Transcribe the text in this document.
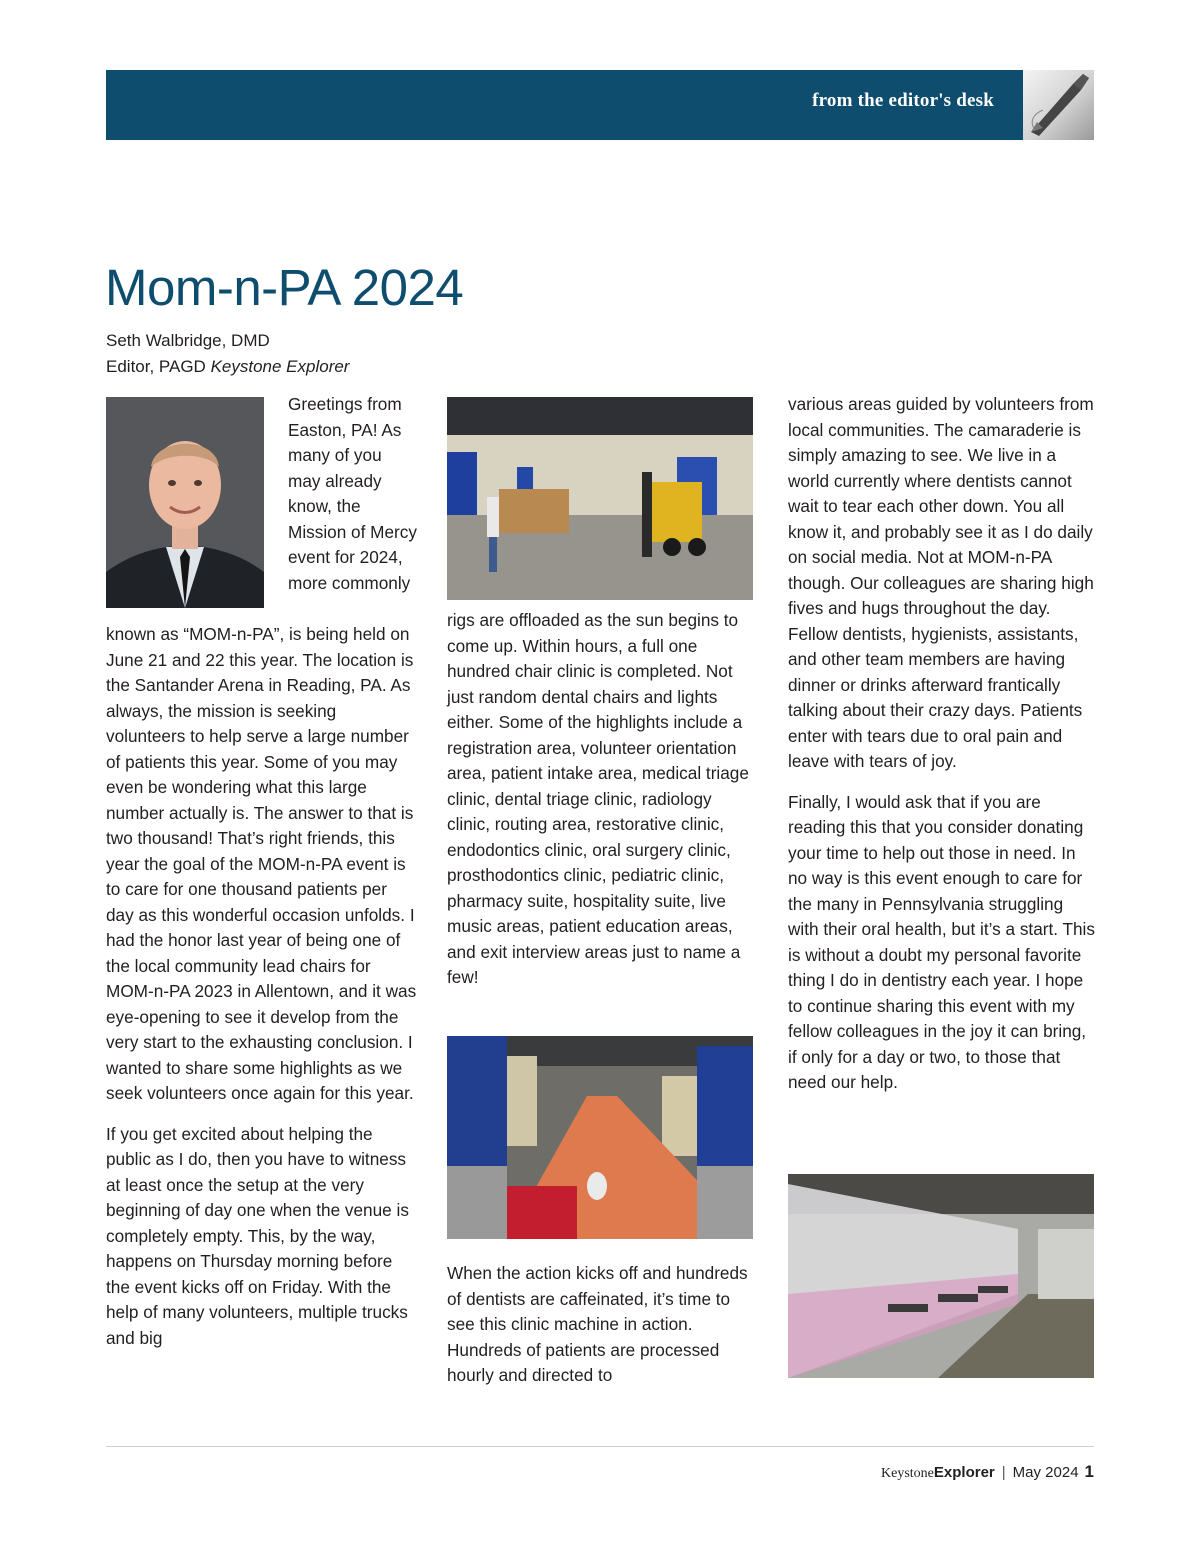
from the editor's desk
Mom-n-PA 2024
Seth Walbridge, DMD
Editor, PAGD Keystone Explorer

Greetings from Easton, PA! As many of you may already know, the Mission of Mercy event for 2024, more commonly

known as “MOM-n-PA”, is being held on June 21 and 22 this year. The location is the Santander Arena in Reading, PA. As always, the mission is seeking volunteers to help serve a large number of patients this year. Some of you may even be wondering what this large number actually is. The answer to that is two thousand! That’s right friends, this year the goal of the MOM-n-PA event is to care for one thousand patients per day as this wonderful occasion unfolds. I had the honor last year of being one of the local community lead chairs for MOM-n-PA 2023 in Allentown, and it was eye-opening to see it develop from the very start to the exhausting conclusion. I wanted to share some highlights as we seek volunteers once again for this year.

If you get excited about helping the public as I do, then you have to witness at least once the setup at the very beginning of day one when the venue is completely empty. This, by the way, happens on Thursday morning before the event kicks off on Friday. With the help of many volunteers, multiple trucks and big

rigs are offloaded as the sun begins to come up. Within hours, a full one hundred chair clinic is completed. Not just random dental chairs and lights either. Some of the highlights include a registration area, volunteer orientation area, patient intake area, medical triage clinic, dental triage clinic, radiology clinic, routing area, restorative clinic, endodontics clinic, oral surgery clinic, prosthodontics clinic, pediatric clinic, pharmacy suite, hospitality suite, live music areas, patient education areas, and exit interview areas just to name a few!

When the action kicks off and hundreds of dentists are caffeinated, it’s time to see this clinic machine in action. Hundreds of patients are processed hourly and directed to

various areas guided by volunteers from local communities. The camaraderie is simply amazing to see. We live in a world currently where dentists cannot wait to tear each other down. You all know it, and probably see it as I do daily on social media. Not at MOM-n-PA though. Our colleagues are sharing high fives and hugs throughout the day. Fellow dentists, hygienists, assistants, and other team members are having dinner or drinks afterward frantically talking about their crazy days. Patients enter with tears due to oral pain and leave with tears of joy.

Finally, I would ask that if you are reading this that you consider donating your time to help out those in need. In no way is this event enough to care for the many in Pennsylvania struggling with their oral health, but it’s a start. This is without a doubt my personal favorite thing I do in dentistry each year. I hope to continue sharing this event with my fellow colleagues in the joy it can bring, if only for a day or two, to those that need our help.

KeystoneExplorer | May 2024 1
